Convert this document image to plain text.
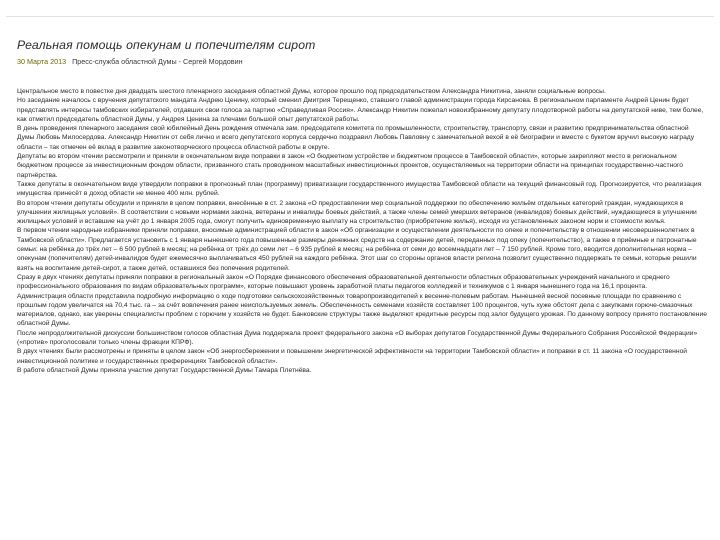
Реальная помощь опекунам и попечителям сирот
30 Марта 2013 Пресс-служба областной Думы - Сергей Мордовин

Центральное место в повестке дня двадцать шестого пленарного заседания областной Думы, которое прошло под председательством Александра Никитина, заняли социальные вопросы.

Но заседание началось с вручения депутатского мандата Андрею Ценину, который сменил Дмитрия Терещенко, ставшего главой администрации города Кирсанова. В региональном парламенте Андрей Ценин будет представлять интересы тамбовских избирателей, отдавших свои голоса за партию «Справедливая Россия». Александр Никитин пожелал новоизбранному депутату плодотворной работы на депутатской ниве, тем более, как отметил председатель областной Думы, у Андрея Ценина за плечами большой опыт депутатской работы.

В день проведения пленарного заседания свой юбилейный День рождения отмечала зам. председателя комитета по промышленности, строительству, транспорту, связи и развитию предпринимательства областной Думы Любовь Милосердова. Александр Никитин от себя лично и всего депутатского корпуса сердечно поздравил Любовь Павловну с замечательной вехой в её биографии и вместе с букетом вручил высокую награду области – так отмечен её вклад в развитие законотворческого процесса областной работы в округе.

Депутаты во втором чтении рассмотрели и приняли в окончательном виде поправки в закон «О бюджетном устройстве и бюджетном процессе в Тамбовской области», которые закрепляют место в региональном бюджетном процессе за инвестиционным фондом области, призванного стать проводником масштабных инвестиционных проектов, осуществляемых на территории области на принципах государственно-частного партнёрства.

Также депутаты в окончательном виде утвердили поправки в прогнозный план (программу) приватизации государственного имущества Тамбовской области на текущий финансовый год. Прогнозируется, что реализация имущества принесёт в доход области не менее 400 млн. рублей.

Во втором чтении депутаты обсудили и приняли в целом поправки, внесённые в ст. 2 закона «О предоставлении мер социальной поддержки по обеспечению жильём отдельных категорий граждан, нуждающихся в улучшении жилищных условий». В соответствии с новыми нормами закона, ветераны и инвалиды боевых действий, а также члены семей умерших ветеранов (инвалидов) боевых действий, нуждающиеся в улучшении жилищных условий и вставшие на учёт до 1 января 2005 года, смогут получить единовременную выплату на строительство (приобретение жилья), исходя из установленных законом норм и стоимости жилья.

В первом чтении народные избранники приняли поправки, вносимые администрацией области в закон «Об организации и осуществлении деятельности по опеке и попечительству в отношении несовершеннолетних в Тамбовской области». Предлагается установить с 1 января нынешнего года повышенные размеры денежных средств на содержание детей, переданных под опеку (попечительство), а также в приёмные и патронатные семьи: на ребёнка до трёх лет – 6 500 рублей в месяц; на ребёнка от трёх до семи лет – 6 935 рублей в месяц; на ребёнка от семи до восемнадцати лет – 7 150 рублей. Кроме того, вводится дополнительная норма – опекунам (попечителям) детей-инвалидов будет ежемесячно выплачиваться 450 рублей на каждого ребёнка. Этот шаг со стороны органов власти региона позволит существенно поддержать те семьи, которые решили взять на воспитание детей-сирот, а также детей, оставшихся без попечения родителей.

Сразу в двух чтениях депутаты приняли поправки в региональный закон «О Порядке финансового обеспечения образовательной деятельности областных образовательных учреждений начального и среднего профессионального образования по видам образовательных программ», которые повышают уровень заработной платы педагогов колледжей и техникумов с 1 января нынешнего года на 16,1 процента.

Администрация области представила подробную информацию о ходе подготовки сельскохозяйственных товаропроизводителей к весенне-полевым работам. Нынешней весной посевные площади по сравнению с прошлым годом увеличатся на 70,4 тыс. га – за счёт вовлечения ранее неиспользуемых земель. Обеспеченность семенами хозяйств составляет 100 процентов, чуть хуже обстоят дела с закупками горюче-смазочных материалов, однако, как уверены специалисты проблем с горючим у хозяйств не будет. Банковские структуры также выделяют кредитные ресурсы под залог будущего урожая. По данному вопросу принято постановление областной Думы.

После непродолжительной дискуссии большинством голосов областная Дума поддержала проект федерального закона «О выборах депутатов Государственной Думы Федерального Собрания Российской Федерации» («против» проголосовали только члены фракции КПРФ).

В двух чтениях были рассмотрены и приняты в целом закон «Об энергосбережении и повышении энергетической эффективности на территории Тамбовской области» и поправки в ст. 11 закона «О государственной инвестиционной политике и государственных преференциях Тамбовской области».

В работе областной Думы приняла участие депутат Государственной Думы Тамара Плетнёва.
